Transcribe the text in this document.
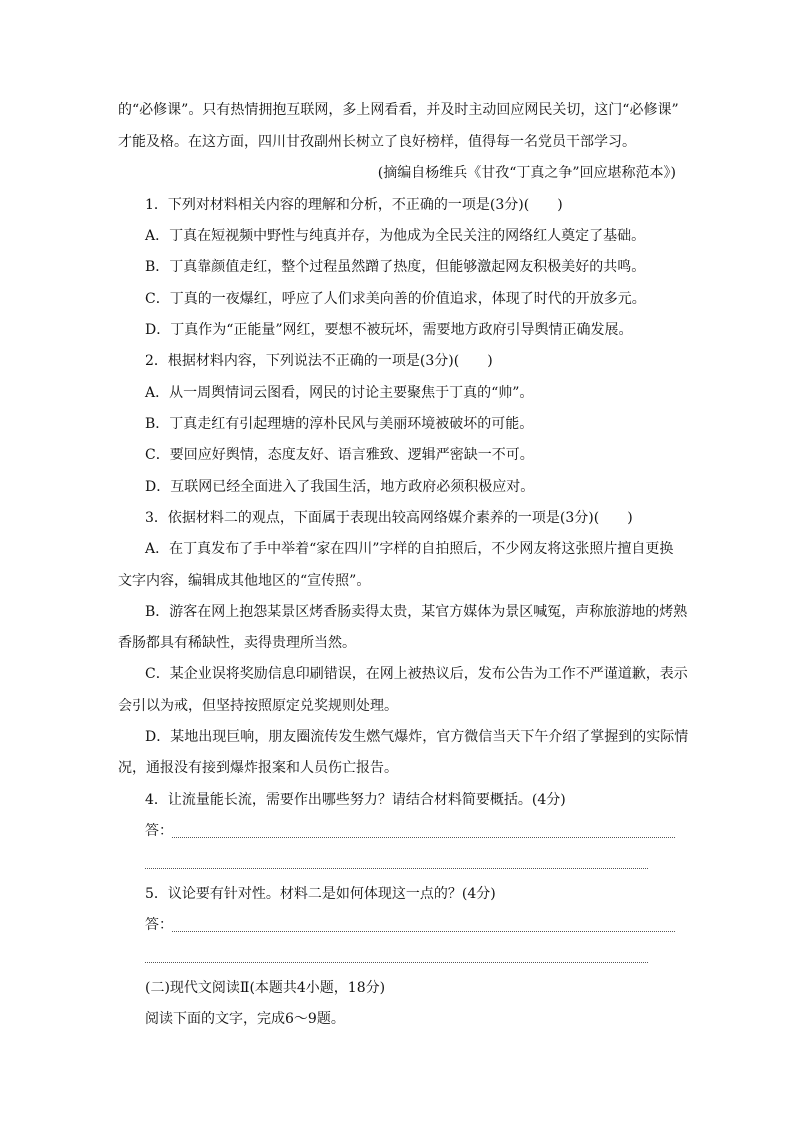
的“必修课”。只有热情拥抱互联网，多上网看看，并及时主动回应网民关切，这门“必修课”
才能及格。在这方面，四川甘孜副州长树立了良好榜样，值得每一名党员干部学习。
(摘编自杨维兵《甘孜“丁真之争”回应堪称范本》)
1．下列对材料相关内容的理解和分析，不正确的一项是(3分)(　　)
A．丁真在短视频中野性与纯真并存，为他成为全民关注的网络红人奠定了基础。
B．丁真靠颜值走红，整个过程虽然蹭了热度，但能够激起网友积极美好的共鸣。
C．丁真的一夜爆红，呼应了人们求美向善的价值追求，体现了时代的开放多元。
D．丁真作为“正能量”网红，要想不被玩坏，需要地方政府引导舆情正确发展。
2．根据材料内容，下列说法不正确的一项是(3分)(　　)
A．从一周舆情词云图看，网民的讨论主要聚焦于丁真的“帅”。
B．丁真走红有引起理塘的淳朴民风与美丽环境被破坏的可能。
C．要回应好舆情，态度友好、语言雅致、逻辑严密缺一不可。
D．互联网已经全面进入了我国生活，地方政府必须积极应对。
3．依据材料二的观点，下面属于表现出较高网络媒介素养的一项是(3分)(　　)
A．在丁真发布了手中举着“家在四川”字样的自拍照后，不少网友将这张照片擅自更换
文字内容，编辑成其他地区的“宣传照”。
B．游客在网上抱怨某景区烤香肠卖得太贵，某官方媒体为景区喊冤，声称旅游地的烤熟
香肠都具有稀缺性，卖得贵理所当然。
C．某企业误将奖励信息印刷错误，在网上被热议后，发布公告为工作不严谨道歉，表示
会引以为戒，但坚持按照原定兑奖规则处理。
D．某地出现巨响，朋友圈流传发生燃气爆炸，官方微信当天下午介绍了掌握到的实际情
况，通报没有接到爆炸报案和人员伤亡报告。
4．让流量能长流，需要作出哪些努力？请结合材料简要概括。(4分)
答：
5．议论要有针对性。材料二是如何体现这一点的？(4分)
答：
(二)现代文阅读Ⅱ(本题共4小题，18分)
阅读下面的文字，完成6～9题。
